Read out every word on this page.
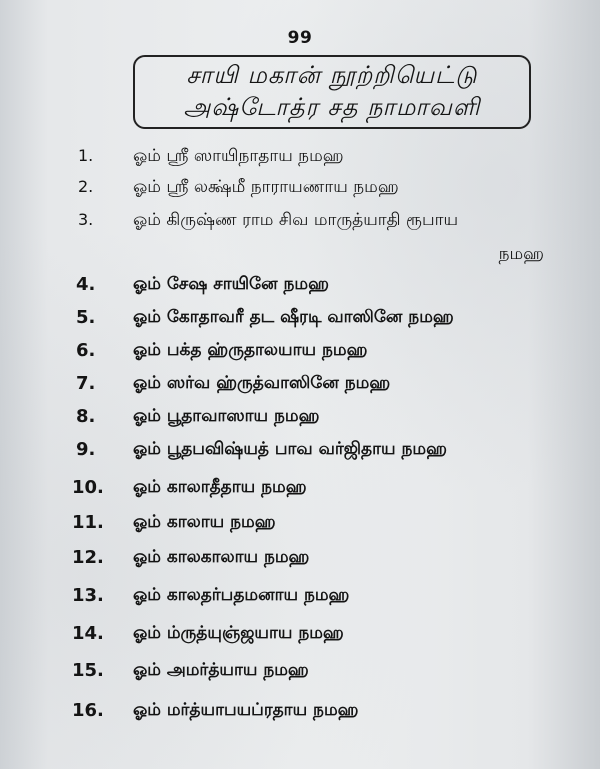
99
சாயி மகான் நூற்றியெட்டு
அஷ்டோத்ர சத நாமாவளி
1.	ஓம் ஸ்ரீ ஸாயிநாதாய நமஹ
2.	ஓம் ஸ்ரீ லக்ஷ்மீ நாராயணாய நமஹ
3.	ஓம் கிருஷ்ண ராம சிவ மாருத்யாதி ரூபாய
நமஹ
4.	ஓம் சேஷ சாயினே நமஹ
5.	ஓம் கோதாவரீ தட ஷீரடி வாஸினே நமஹ
6.	ஓம் பக்த ஹ்ருதாலயாய நமஹ
7.	ஓம் ஸர்வ ஹ்ருத்வாஸினே நமஹ
8.	ஓம் பூதாவாஸாய நமஹ
9.	ஓம் பூதபவிஷ்யத் பாவ வர்ஜிதாய நமஹ
10.	ஓம் காலாதீதாய நமஹ
11.	ஓம் காலாய நமஹ
12.	ஓம் காலகாலாய நமஹ
13.	ஓம் காலதர்பதமனாய நமஹ
14.	ஓம் ம்ருத்யுஞ்ஜயாய நமஹ
15.	ஓம் அமர்த்யாய நமஹ
16.	ஓம் மர்த்யாபயப்ரதாய நமஹ
